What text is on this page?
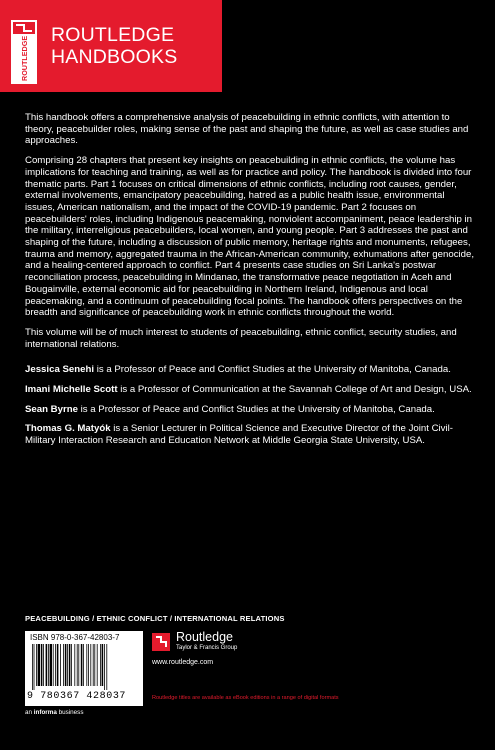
ROUTLEDGE
ROUTLEDGE
HANDBOOKS

This handbook offers a comprehensive analysis of peacebuilding in ethnic conflicts, with attention to theory, peacebuilder roles, making sense of the past and shaping the future, as well as case studies and approaches.

Comprising 28 chapters that present key insights on peacebuilding in ethnic conflicts, the volume has implications for teaching and training, as well as for practice and policy. The handbook is divided into four thematic parts. Part 1 focuses on critical dimensions of ethnic conflicts, including root causes, gender, external involvements, emancipatory peacebuilding, hatred as a public health issue, environmental issues, American nationalism, and the impact of the COVID-19 pandemic. Part 2 focuses on peacebuilders' roles, including Indigenous peacemaking, nonviolent accompaniment, peace leadership in the military, interreligious peacebuilders, local women, and young people. Part 3 addresses the past and shaping of the future, including a discussion of public memory, heritage rights and monuments, refugees, trauma and memory, aggregated trauma in the African-American community, exhumations after genocide, and a healing-centered approach to conflict. Part 4 presents case studies on Sri Lanka's postwar reconciliation process, peacebuilding in Mindanao, the transformative peace negotiation in Aceh and Bougainville, external economic aid for peacebuilding in Northern Ireland, Indigenous and local peacemaking, and a continuum of peacebuilding focal points. The handbook offers perspectives on the breadth and significance of peacebuilding work in ethnic conflicts throughout the world.

This volume will be of much interest to students of peacebuilding, ethnic conflict, security studies, and international relations.

Jessica Senehi is a Professor of Peace and Conflict Studies at the University of Manitoba, Canada.

Imani Michelle Scott is a Professor of Communication at the Savannah College of Art and Design, USA.

Sean Byrne is a Professor of Peace and Conflict Studies at the University of Manitoba, Canada.

Thomas G. Matyók is a Senior Lecturer in Political Science and Executive Director of the Joint Civil-Military Interaction Research and Education Network at Middle Georgia State University, USA.

PEACEBUILDING / ETHNIC CONFLICT / INTERNATIONAL RELATIONS
ISBN 978-0-367-42803-7
9 780367 428037
an informa business
Routledge
Taylor & Francis Group
www.routledge.com
Routledge titles are available as eBook editions in a range of digital formats
